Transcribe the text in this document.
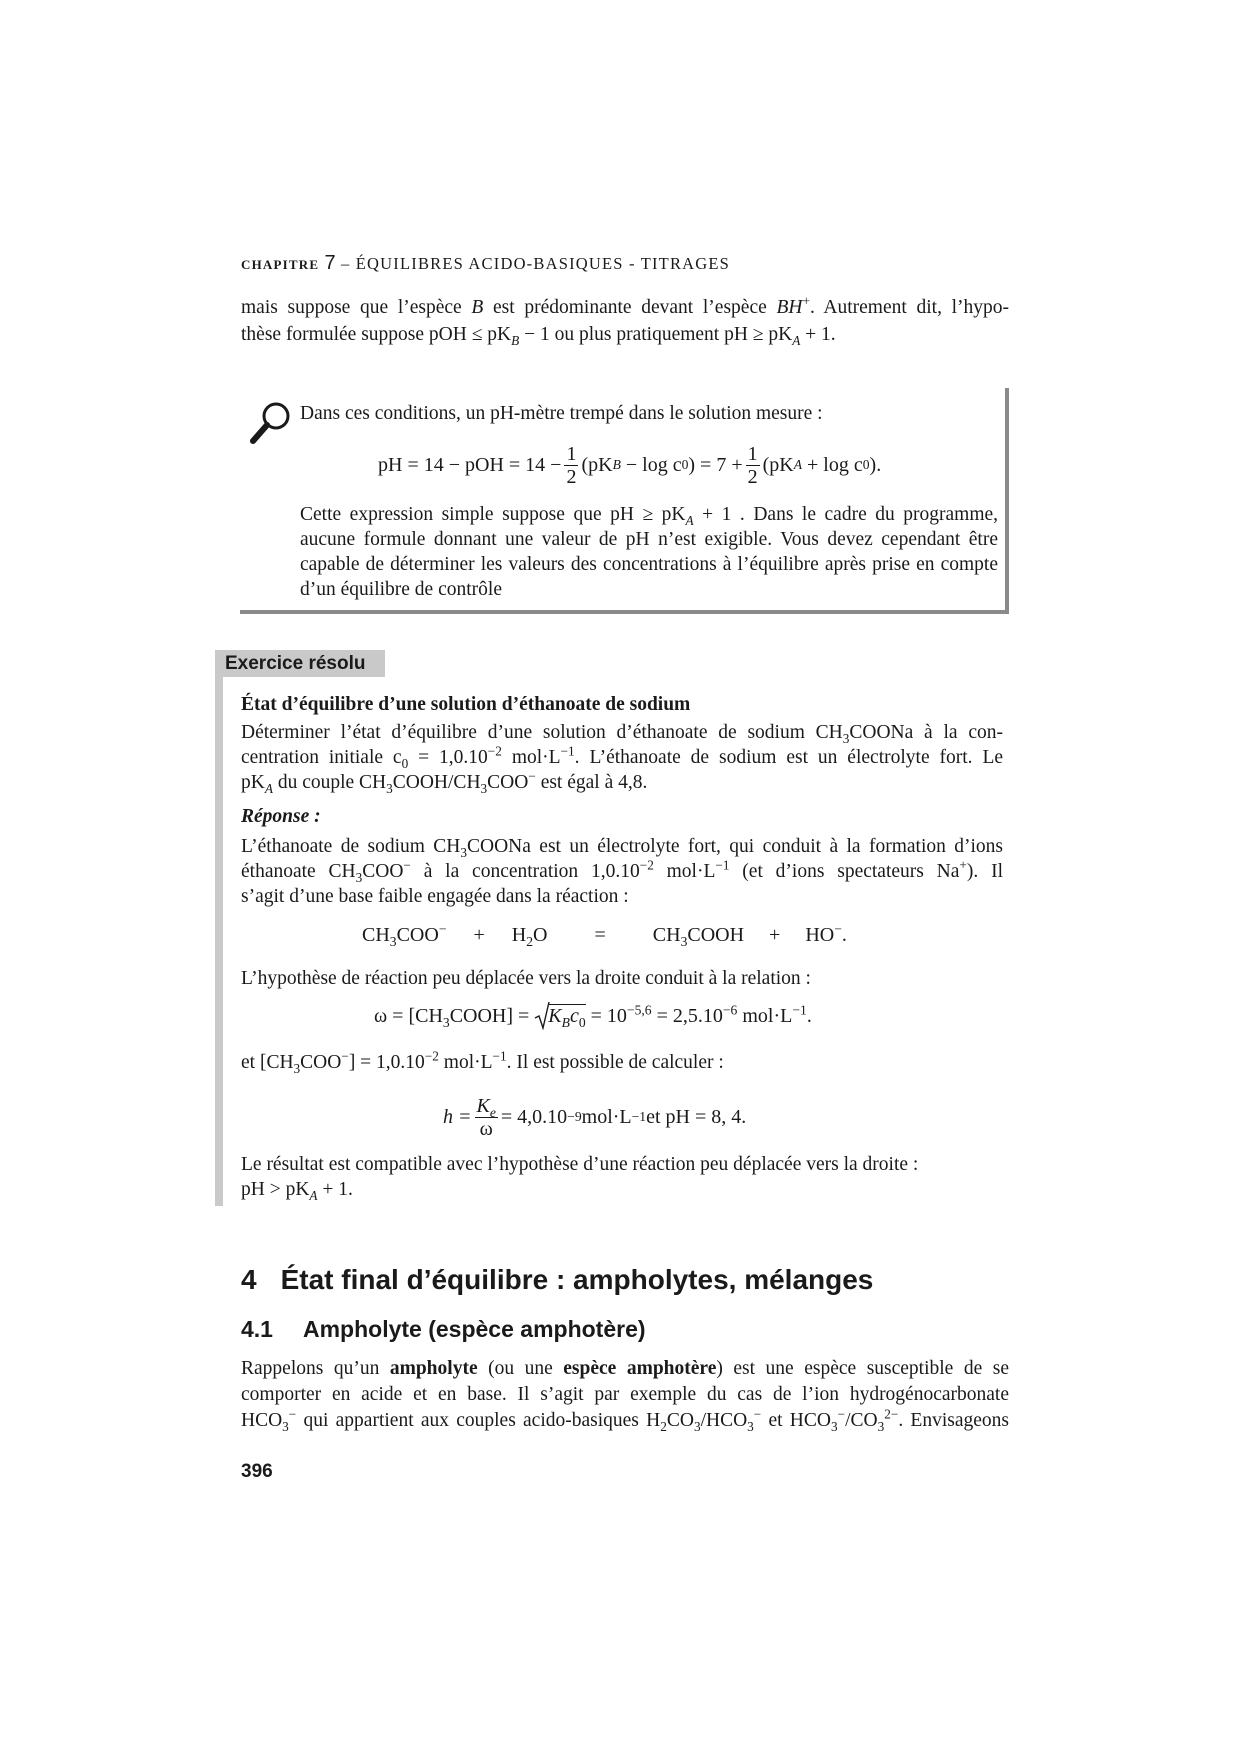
CHAPITRE 7 – ÉQUILIBRES ACIDO-BASIQUES - TITRAGES

mais suppose que l’espèce B est prédominante devant l’espèce BH+. Autrement dit, l’hypo-

thèse formulée suppose pOH ≤ $pK_B - 1$ ou plus pratiquement pH ≥ $pK_A + 1$.

Dans ces conditions, un pH-mètre trempé dans le solution mesure :
pH = 14 − pOH = $14 - \frac{1}{2} (pK$ B
− log c 0 ) = $7 + \frac{1}{2} (pK$ A
+ log c 0 ).
Cette expression simple suppose que pH ≥ $pK_A + 1$ . Dans le cadre du programme, aucune formule donnant une valeur de pH n’est exigible. Vous devez cependant être capable de déterminer les valeurs des concentrations à l’équilibre après prise en compte d’un équilibre de contrôle
Exercice résolu
État d’équilibre d’une solution d’éthanoate de sodium
Déterminer l’état d’équilibre d’une solution d’éthanoate de sodium $CH_3COONa$ à la con-
centration initiale $c_0 = 1,0.10^{-2}$ $mol\cdot L^{-1}$. L’éthanoate de sodium est un électrolyte fort. Le
$pK_A$ du couple $CH_3COOH/CH_3COO^-$ est égal à 4,8.
Réponse :
L’éthanoate de sodium $CH_3COONa$ est un électrolyte fort, qui conduit à la formation d’ions
éthanoate $CH_3COO^-$ à la concentration $1,0.10^{-2}$ $mol\cdot L^{-1}$ (et d’ions spectateurs Na+). Il
s’agit d’une base faible engagée dans la réaction :
$CH_3COO^- + H_2O$ = $CH_3COOH + HO^-$.
L’hypothèse de réaction peu déplacée vers la droite conduit à la relation :
$\omega = [CH_3COOH] = K_Bc_0 = 10^{-5,6} = 2,5.10^{-6}$ $mol\cdot L^{-1}$.
et $[CH_3COO^-] = 1,0.10^{-2}$ $mol\cdot L^{-1}$. Il est possible de calculer :
$h = \frac{K_e}{\omega} = 4,0.10 -9$ mol·L −1 et pH = 8, 4.
Le résultat est compatible avec l’hypothèse d’une réaction peu déplacée vers la droite :
pH > $pK_A + 1$.
4 État final d’équilibre : ampholytes, mélanges
4.1 Ampholyte (espèce amphotère)
Rappelons qu’un ampholyte (ou une espèce amphotère) est une espèce susceptible de se
comporter en acide et en base. Il s’agit par exemple du cas de l’ion hydrogénocarbonate
$HCO_3^-$ qui appartient aux couples acido-basiques $H_2CO_3/HCO_3^-$ et $HCO_3^-/CO_3^{2-}$. Envisageons
396
